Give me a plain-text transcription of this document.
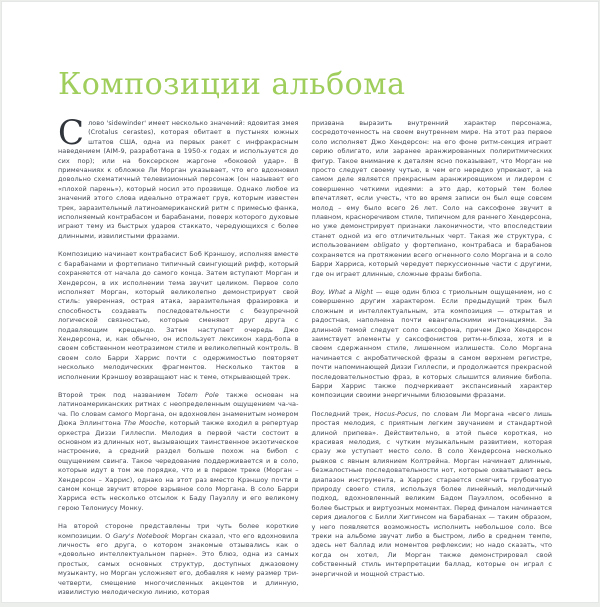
Композиции альбома

Слово 'sidewinder' имеет несколько значений: ядовитая змея (Crotalus cerastes), которая обитает в пустынях южных штатов США, одна из первых ракет с инфракрасным наведением (AIM-9, разработана в 1950-х годах и используется до сих пор); или на боксерском жаргоне «боковой удар». В примечаниях к обложке Ли Морган указывает, что его вдохновил довольно схематичный телевизионный персонаж (он называет его «плохой парень»), который носил это прозвище. Однако любое из значений этого слова идеально отражает грув, которым известен трек, заразительный латиноамериканский ритм с примесью фанка, исполняемый контрабасом и барабанами, поверх которого духовые играют тему из быстрых ударов стаккато, чередующихся с более длинными, извилистыми фразами.

Композицию начинает контрабасист Боб Крэншоу, исполняя вместе с барабанами и фортепиано типичный свингующий рифф, который сохраняется от начала до самого конца. Затем вступают Морган и Хендерсон, в их исполнении тема звучит целиком. Первое соло исполняет Морган, который великолепно демонстрирует свой стиль: уверенная, острая атака, заразительная фразировка и способность создавать последовательности с безупречной логической связностью, которые сменяют друг друга с подавляющим крещендо. Затем наступает очередь Джо Хендерсона, и, как обычно, он использует лексикон хард-бопа в своем собственном неотразимом стиле и великолепный контроль. В своем соло Барри Харрис почти с одержимостью повторяет несколько мелодических фрагментов. Несколько тактов в исполнении Крэншоу возвращают нас к теме, открывающей трек.

Второй трек под названием Totem Pole также основан на латиноамериканских ритмах с неопределенным ощущением ча-ча-ча. По словам самого Моргана, он вдохновлен знаменитым номером Дюка Эллингтона The Mooche, который также входил в репертуар оркестра Диззи Гиллеспи. Мелодия в первой части состоит в основном из длинных нот, вызывающих таинственное экзотическое настроение, а средний раздел больше похож на бибоп с ощущением свинга. Такое чередование поддерживается и в соло, которые идут в том же порядке, что и в первом треке (Морган – Хендерсон – Харрис), однако на этот раз вместо Крэншоу почти в самом конце звучит второе взрывное соло Моргана. В соло Барри Харриса есть несколько отсылок к Баду Пауэллу и его великому герою Телониусу Монку.

На второй стороне представлены три чуть более короткие композиции. О Gary's Notebook Морган сказал, что его вдохновила личность его друга, о котором знакомые отзывались как о «довольно интеллектуальном парне». Это блюз, одна из самых простых, самых основных структур, доступных джазовому музыканту, но Морган усложняет его, добавляя к нему размер три-четверти, смещение многочисленных акцентов и длинную, извилистую мелодическую линию, которая

призвана выразить внутренний характер персонажа, сосредоточенность на своем внутреннем мире. На этот раз первое соло исполняет Джо Хендерсон: на его фоне ритм-секция играет серию облигато, или заранее аранжированных полиритмических фигур. Такое внимание к деталям ясно показывает, что Морган не просто следует своему чутью, в чем его нередко упрекают, а на самом деле является прекрасным аранжировщиком и лидером с совершенно четкими идеями: а это дар, который тем более впечатляет, если учесть, что во время записи он был еще совсем молод – ему было всего 26 лет. Соло на саксофоне звучит в плавном, красноречивом стиле, типичном для раннего Хендерсона, но уже демонстрирует признаки лаконичности, что впоследствии станет одной из его отличительных черт. Такая же структура, с использованием obligato у фортепиано, контрабаса и барабанов сохраняется на протяжении всего огненного соло Моргана и в соло Барри Харриса, который чередует перкуссионные части с другими, где он играет длинные, сложные фразы бибопа.

Boy, What a Night — еще один блюз с триольным ощущением, но с совершенно другим характером. Если предыдущий трек был сложным и интеллектуальным, эта композиция — открытая и радостная, наполнена почти евангельскими интонациями. За длинной темой следует соло саксофона, причем Джо Хендерсон заимствует элементы у саксофонистов ритм-н-блюза, хотя и в своем сдержанном стиле, лишенном излишеств. Соло Моргана начинается с акробатической фразы в самом верхнем регистре, почти напоминающей Диззи Гиллеспи, и продолжается прекрасной последовательностью фраз, в которых слышится влияние бибопа. Барри Харрис также подчеркивает экспансивный характер композиции своими энергичными блюзовыми фразами.

Последний трек, Hocus-Pocus, по словам Ли Моргана «всего лишь простая мелодия, с приятным легким звучанием и стандартной длиной припева». Действительно, в этой пьесе короткая, но красивая мелодия, с чутким музыкальным развитием, которая сразу же уступает место соло. В соло Хендерсона несколько рывков с явным влиянием Колтрейна. Морган начинает длинные, безжалостные последовательности нот, которые охватывают весь диапазон инструмента, а Харрис старается смягчить грубоватую природу своего стиля, используя более линейный, мелодичный подход, вдохновленный великим Бадом Пауэллом, особенно в более быстрых и виртуозных моментах. Перед финалом начинается серия диалогов с Билли Хиггинсом на барабанах — таким образом, у него появляется возможность исполнить небольшое соло. Все треки на альбоме звучат либо в быстром, либо в среднем темпе, здесь нет баллад или моментов рефлексии; но надо сказать, что когда он хотел, Ли Морган также демонстрировал свой собственный стиль интерпретации баллад, которые он играл с энергичной и мощной страстью.
